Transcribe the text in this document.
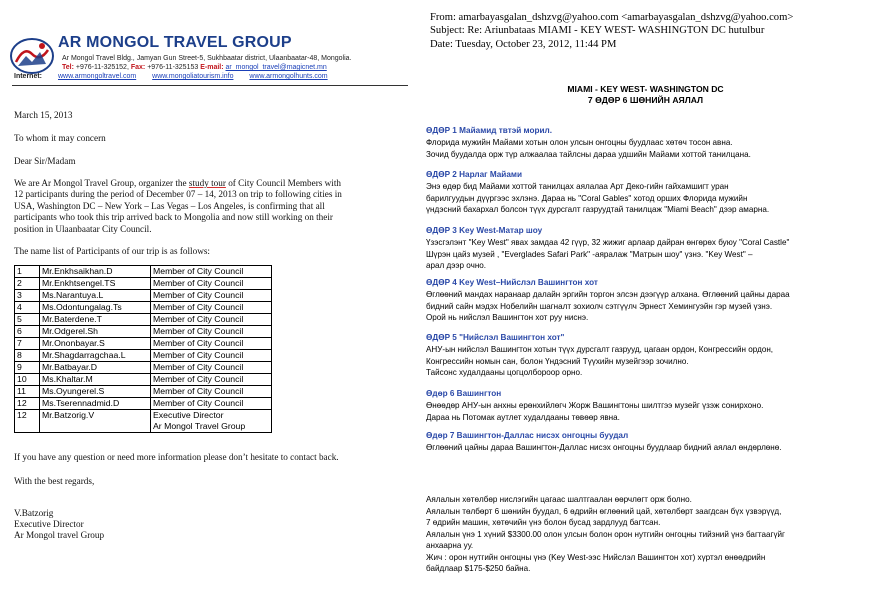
AR MONGOL TRAVEL GROUP
Ar Mongol Travel Bldg., Jamyan Gun Street-5, Sukhbaatar district, Ulaanbaatar-48, Mongolia.
Tel: +976-11-325152, Fax: +976-11-325153 E-mail: ar_mongol_travel@magicnet.mn
Internet: www.armongoltravel.com www.mongoliatourism.info www.armongolhunts.com
March 15, 2013
To whom it may concern
Dear Sir/Madam
We are Ar Mongol Travel Group, organizer the study tour of City Council Members with
12 participants during the period of December 07 – 14, 2013 on trip to following cities in
USA, Washington DC – New York – Las Vegas – Los Angeles, is confirming that all
participants who took this trip arrived back to Mongolia and now still working on their
position in Ulaanbaatar City Council.
The name list of Participants of our trip is as follows:
1	Mr.Enkhsaikhan.D	Member of City Council

2	Mr.Enkhtsengel.TS	Member of City Council

3	Ms.Narantuya.L	Member of City Council

4	Ms.Odontungalag.Ts	Member of City Council

5	Mr.Baterdene.T	Member of City Council

6	Mr.Odgerel.Sh	Member of City Council

7	Mr.Ononbayar.S	Member of City Council

8	Mr.Shagdarragchaa.L	Member of City Council

9	Mr.Batbayar.D	Member of City Council

10	Ms.Khaltar.M	Member of City Council

11	Ms.Oyungerel.S	Member of City Council

12	Ms.Tserennadmid.D	Member of City Council

12	Mr.Batzorig.V	Executive Director
Ar Mongol Travel Group
If you have any question or need more information please don’t hesitate to contact back.
With the best regards,
V.Batzorig
Executive Director
Ar Mongol travel Group
From: amarbayasgalan_dshzvg@yahoo.com <amarbayasgalan_dshzvg@yahoo.com>
Subject: Re: Ariunbataas MIAMI - KEY WEST- WASHINGTON DC hutulbur
Date: Tuesday, October 23, 2012, 11:44 PM
MIAMI - KEY WEST- WASHINGTON DC
7 ӨДӨР 6 ШӨНИЙН АЯЛАЛ
ӨДӨР 1 Майамид твтэй морил.
Флорида мужийн Майами хотын олон улсын онгоцны буудлаас хөтөч тосон авна.
Зочид буудалда орж түр алжаалаа тайлсны дараа удшийн Майами хоттой танилцана.
ӨДӨР 2 Нарлаг Майами
Энэ өдөр бид Майами хоттой танилцах аялалаа Арт Деко-гийн гайхамшигт уран
барилгуудын дүүргээс эхлэнэ. Дараа нь "Coral Gables" хотод орших Флорида мужийн
үндэсний бахархал болсон түүх дурсгалт газруудтай танилцаж "Miami Beach" дээр амарна.
ӨДӨР 3 Key West-Матар шоу
Үзэсгэлэнт "Key West" явах замдаа 42 гүүр, 32 жижиг арлаар дайран өнгөрөх буюу "Coral Castle"
Шүрэн цайз музей , "Everglades Safari Park" -аяралаж "Матрын шоу" үзнэ. "Key West" –
арал дээр очно.
ӨДӨР 4 Key West–Нийслэл Вашингтон хот
Өглөөний мандах наранаар далайн эргийн торгон элсэн дээгүүр алхана. Өглөөний цайны дараа
бидний сайн мэдэх Нобелийн шагналт зохиолч сэтгүүлч Эрнест Хемингуэйн гэр музей үзнэ.
Орой нь нийслэл Вашингтон хот руу ниснэ.
ӨДӨР 5 "Нийслэл Вашингтон хот"
АНУ-ын нийслэл Вашингтон хотын түүх дурсгалт газрууд, цагаан ордон, Конгрессийн ордон,
Конгрессийн номын сан, болон Үндэсний Түүхийн музейгээр зочилно.
Тайсонс худалдааны цогцолбороор орно.
Өдөр 6 Вашингтон
Өнөөдөр АНУ-ын анхны ерөнхийлөгч Жорж Вашингтоны шилтгээ музейг үзэж сонирхоно.
Дараа нь Потомак аутлет худалдааны төвөөр явна.
Өдөр 7 Вашингтон-Даллас нисэх онгоцны буудал
Өглөөний цайны дараа Вашингтон-Даллас нисэх онгоцны буудлаар бидний аялал өндөрлөнө.
Аялалын хөтөлбөр нислэгийн цагаас шалтгаалан өөрчлөгт орж болно.
Аялалын төлбөрт 6 шөнийн буудал, 6 өдрийн өглөөний цай, хөтөлбөрт заагдсан бүх үзвэрүүд,
7 өдрийн машин, хөтөчийн үнэ болон бусад зардлууд багтсан.
Аялалын үнэ 1 хүний $3300.00 олон улсын болон орон нутгийн онгоцны тийзний үнэ багтаагүйг
анхаарна уу.
Жич : орон нутгийн онгоцны үнэ (Key West-ээс Нийслэл Вашингтон хот) хүртэл өнөөдрийн
байдлаар $175-$250 байна.
